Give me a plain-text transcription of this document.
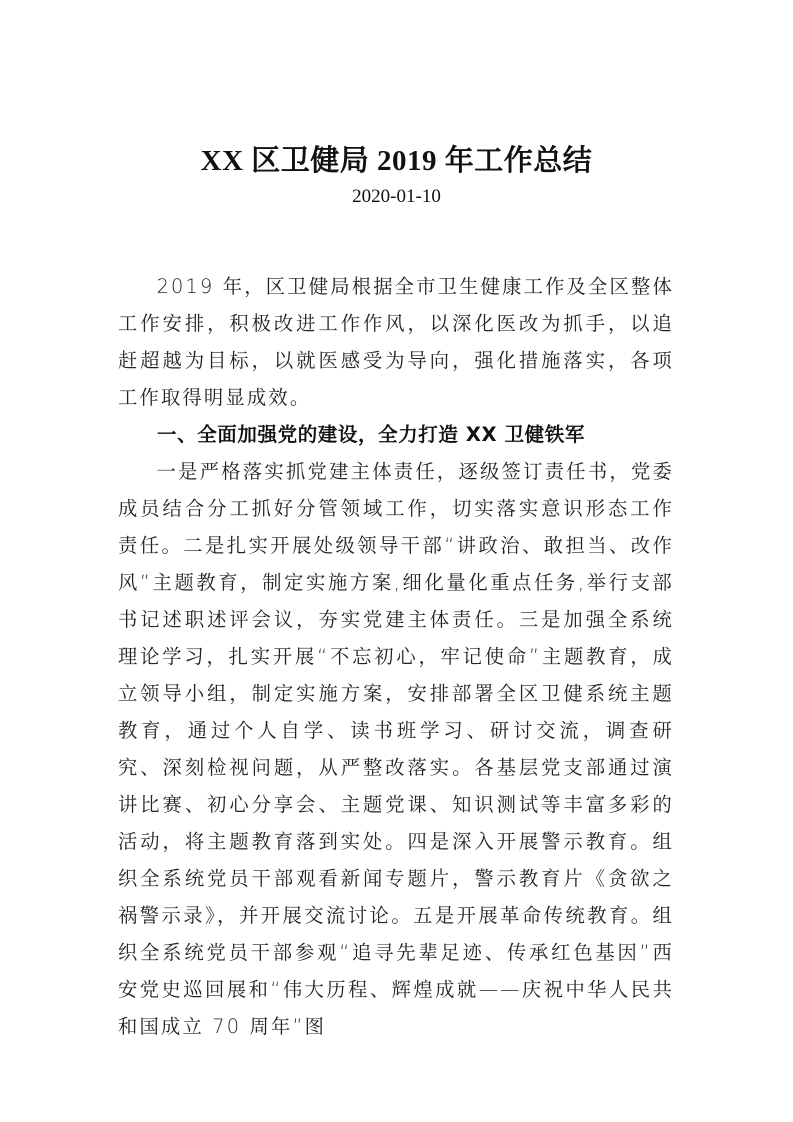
XX 区卫健局 2019 年工作总结
2020-01-10

2019 年，区卫健局根据全市卫生健康工作及全区整体工作安排，积极改进工作作风，以深化医改为抓手，以追赶超越为目标，以就医感受为导向，强化措施落实，各项工作取得明显成效。

一、全面加强党的建设，全力打造 XX 卫健铁军

一是严格落实抓党建主体责任，逐级签订责任书，党委成员结合分工抓好分管领域工作，切实落实意识形态工作责任。二是扎实开展处级领导干部“讲政治、敢担当、改作风”主题教育，制定实施方案,细化量化重点任务,举行支部书记述职述评会议，夯实党建主体责任。三是加强全系统理论学习，扎实开展“不忘初心，牢记使命”主题教育，成立领导小组，制定实施方案，安排部署全区卫健系统主题教育，通过个人自学、读书班学习、研讨交流，调查研究、深刻检视问题，从严整改落实。各基层党支部通过演讲比赛、初心分享会、主题党课、知识测试等丰富多彩的活动，将主题教育落到实处。四是深入开展警示教育。组织全系统党员干部观看新闻专题片，警示教育片《贪欲之祸警示录》，并开展交流讨论。五是开展革命传统教育。组织全系统党员干部参观“追寻先辈足迹、传承红色基因”西安党史巡回展和“伟大历程、辉煌成就——庆祝中华人民共和国成立 70 周年”图
